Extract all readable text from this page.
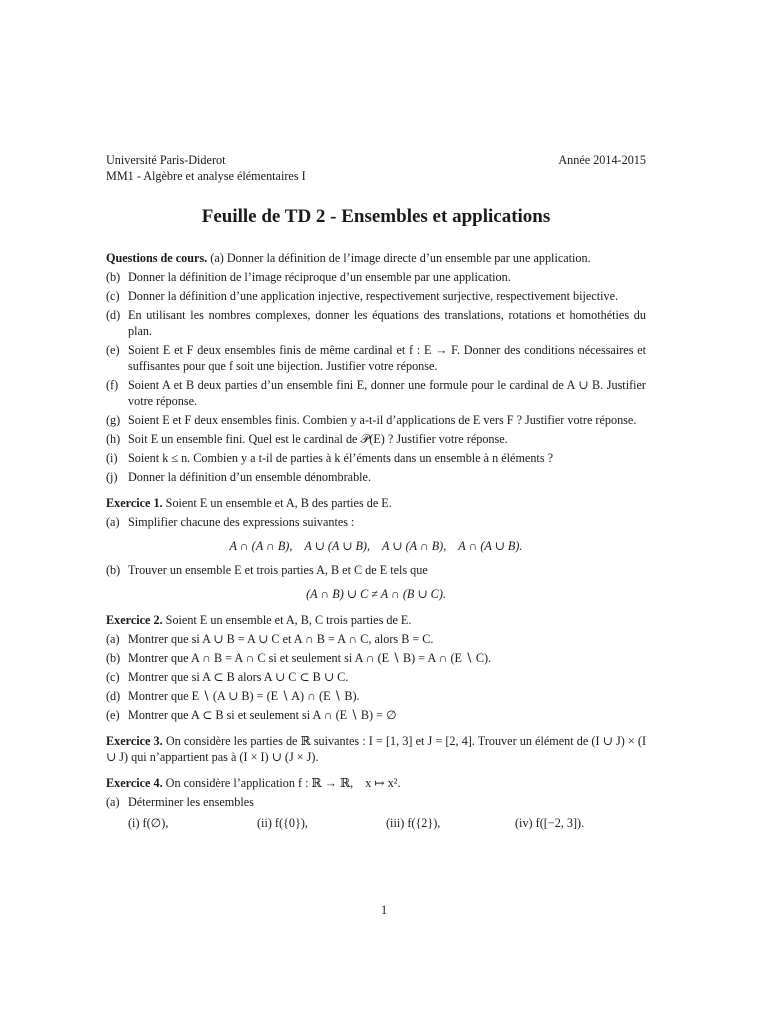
Université Paris-Diderot
MM1 - Algèbre et analyse élémentaires I
Année 2014-2015
Feuille de TD 2 - Ensembles et applications
Questions de cours. (a) Donner la définition de l’image directe d’un ensemble par une application.
(b) Donner la définition de l’image réciproque d’un ensemble par une application.
(c) Donner la définition d’une application injective, respectivement surjective, respectivement bijective.
(d) En utilisant les nombres complexes, donner les équations des translations, rotations et homothéties du plan.
(e) Soient E et F deux ensembles finis de même cardinal et f : E → F. Donner des conditions nécessaires et suffisantes pour que f soit une bijection. Justifier votre réponse.
(f) Soient A et B deux parties d’un ensemble fini E, donner une formule pour le cardinal de A ∪ B. Justifier votre réponse.
(g) Soient E et F deux ensembles finis. Combien y a-t-il d’applications de E vers F ? Justifier votre réponse.
(h) Soit E un ensemble fini. Quel est le cardinal de 𝒫(E) ? Justifier votre réponse.
(i) Soient k ≤ n. Combien y a t-il de parties à k él’éments dans un ensemble à n éléments ?
(j) Donner la définition d’un ensemble dénombrable.
Exercice 1. Soient E un ensemble et A, B des parties de E.
(a) Simplifier chacune des expressions suivantes :
A ∩ (A ∩ B),    A ∪ (A ∪ B),    A ∪ (A ∩ B),    A ∩ (A ∪ B).
(b) Trouver un ensemble E et trois parties A, B et C de E tels que
(A ∩ B) ∪ C ≠ A ∩ (B ∪ C).
Exercice 2. Soient E un ensemble et A, B, C trois parties de E.
(a) Montrer que si A ∪ B = A ∪ C et A ∩ B = A ∩ C, alors B = C.
(b) Montrer que A ∩ B = A ∩ C si et seulement si A ∩ (E ∖ B) = A ∩ (E ∖ C).
(c) Montrer que si A ⊂ B alors A ∪ C ⊂ B ∪ C.
(d) Montrer que E ∖ (A ∪ B) = (E ∖ A) ∩ (E ∖ B).
(e) Montrer que A ⊂ B si et seulement si A ∩ (E ∖ B) = ∅
Exercice 3. On considère les parties de ℝ suivantes : I = [1, 3] et J = [2, 4]. Trouver un élément de (I ∪ J) × (I ∪ J) qui n’appartient pas à (I × I) ∪ (J × J).
Exercice 4. On considère l’application f : ℝ → ℝ,    x ↦ x².
(a) Déterminer les ensembles
(i) f(∅),	(ii) f({0}),	(iii) f({2}),	(iv) f([−2, 3]).
1
